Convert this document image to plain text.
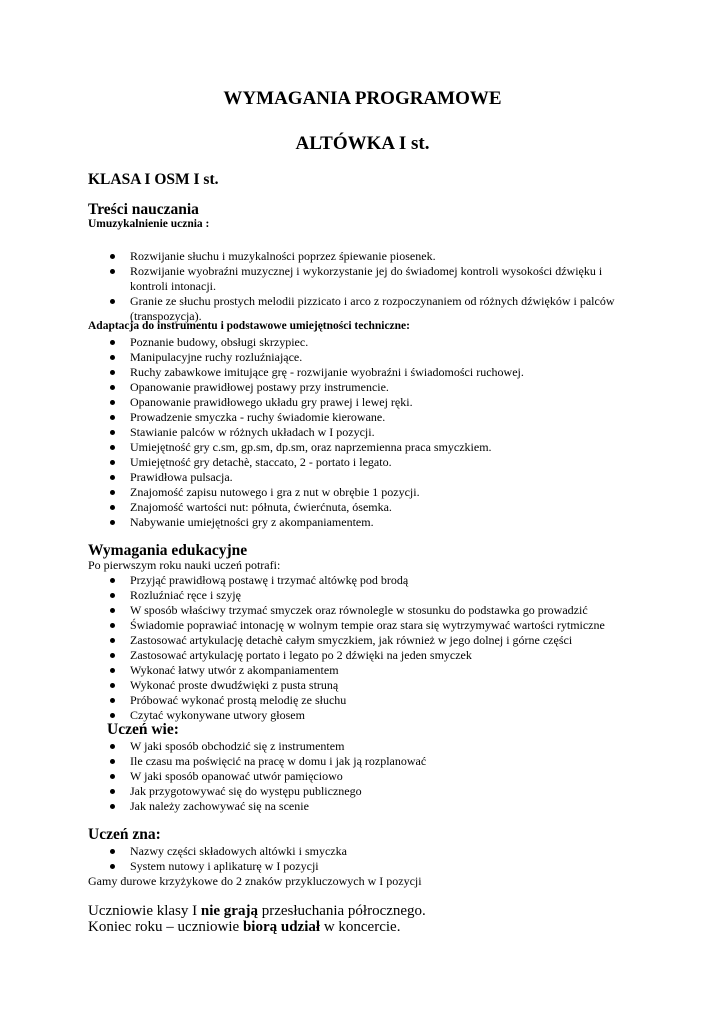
WYMAGANIA PROGRAMOWE
ALTÓWKA I st.
KLASA I OSM I st.
Treści nauczania
Umuzykalnienie ucznia :
Rozwijanie słuchu i muzykalności poprzez śpiewanie piosenek.
Rozwijanie wyobraźni muzycznej i wykorzystanie jej do świadomej kontroli wysokości dźwięku i kontroli intonacji.
Granie ze słuchu prostych melodii pizzicato i arco z rozpoczynaniem od różnych dźwięków i palców (transpozycja).
Adaptacja do instrumentu i podstawowe umiejętności techniczne:
Poznanie budowy, obsługi skrzypiec.
Manipulacyjne ruchy rozluźniające.
Ruchy zabawkowe imitujące grę - rozwijanie wyobraźni i świadomości ruchowej.
Opanowanie prawidłowej postawy przy instrumencie.
Opanowanie prawidłowego układu gry prawej i lewej ręki.
Prowadzenie smyczka - ruchy świadomie kierowane.
Stawianie palców w różnych układach w I pozycji.
Umiejętność gry c.sm, gp.sm, dp.sm, oraz naprzemienna praca smyczkiem.
Umiejętność gry detachè, staccato, 2 - portato i legato.
Prawidłowa pulsacja.
Znajomość zapisu nutowego i gra z nut w obrębie 1 pozycji.
Znajomość wartości nut: półnuta, ćwierćnuta, ósemka.
Nabywanie umiejętności gry z akompaniamentem.
Wymagania edukacyjne
Po pierwszym roku nauki uczeń potrafi:
Przyjąć prawidłową postawę i trzymać altówkę pod brodą
Rozluźniać ręce i szyję
W sposób właściwy trzymać smyczek oraz równolegle w stosunku do podstawka go prowadzić
Świadomie poprawiać intonację w wolnym tempie oraz stara się wytrzymywać wartości rytmiczne
Zastosować artykulację detachè całym smyczkiem, jak również w jego dolnej i górne części
Zastosować artykulację portato i legato po 2 dźwięki na jeden smyczek
Wykonać łatwy utwór z akompaniamentem
Wykonać proste dwudźwięki z pusta struną
Próbować wykonać prostą melodię ze słuchu
Czytać wykonywane utwory głosem
Uczeń wie:
W jaki sposób obchodzić się z instrumentem
Ile czasu ma poświęcić na pracę w domu i jak ją rozplanować
W jaki sposób opanować utwór pamięciowo
Jak przygotowywać się do występu publicznego
Jak należy zachowywać się na scenie
Uczeń zna:
Nazwy części składowych altówki i smyczka
System nutowy i aplikaturę w I pozycji
Gamy durowe krzyżykowe do 2 znaków przykluczowych w I pozycji
Uczniowie klasy I nie grają przesłuchania półrocznego.
Koniec roku – uczniowie biorą udział w koncercie.
